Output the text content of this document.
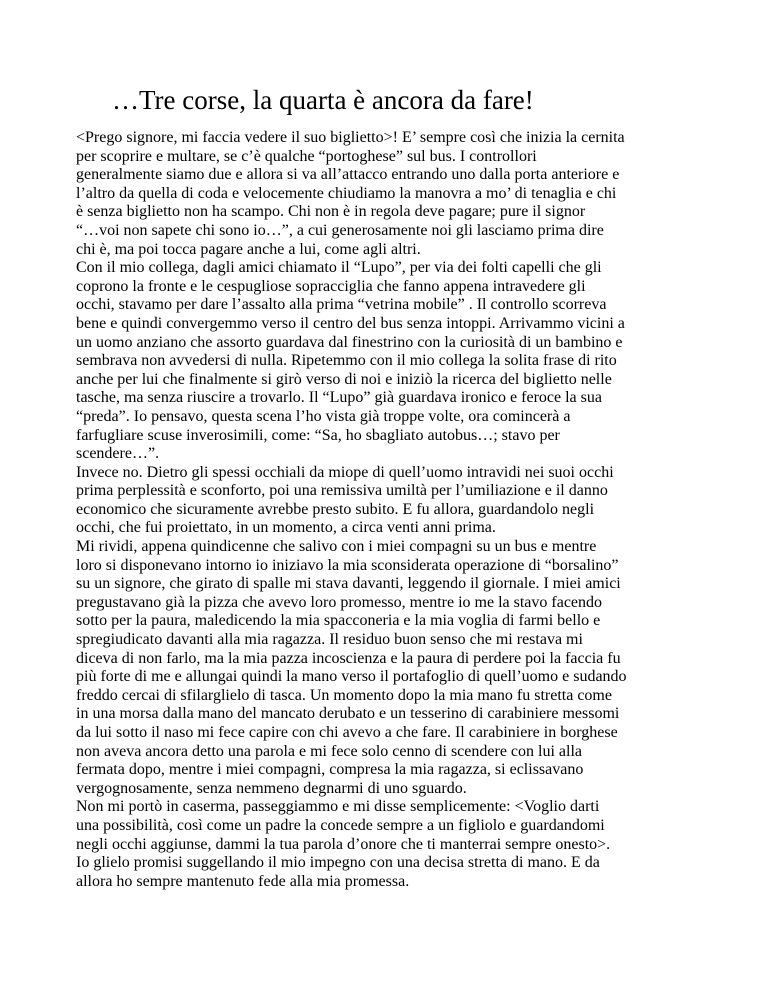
…Tre corse, la quarta è ancora da fare!
<Prego signore, mi faccia vedere il suo biglietto>! E’ sempre così che inizia la cernita
per scoprire e multare, se c’è qualche “portoghese” sul bus. I controllori
generalmente siamo due e allora si va all’attacco entrando uno dalla porta anteriore e
l’altro da quella di coda e velocemente chiudiamo la manovra a mo’ di tenaglia e chi
è senza biglietto non ha scampo. Chi non è in regola deve pagare; pure il signor
“…voi non sapete chi sono io…”, a cui generosamente noi gli lasciamo prima dire
chi è, ma poi tocca pagare anche a lui, come agli altri.
Con il mio collega, dagli amici chiamato il “Lupo”, per via dei folti capelli che gli
coprono la fronte e le cespugliose sopracciglia che fanno appena intravedere gli
occhi, stavamo per dare l’assalto alla prima “vetrina mobile” . Il controllo scorreva
bene e quindi convergemmo verso il centro del bus senza intoppi. Arrivammo vicini a
un uomo anziano che assorto guardava dal finestrino con la curiosità di un bambino e
sembrava non avvedersi di nulla. Ripetemmo con il mio collega la solita frase di rito
anche per lui che finalmente si girò verso di noi e iniziò la ricerca del biglietto nelle
tasche, ma senza riuscire a trovarlo. Il “Lupo” già guardava ironico e feroce la sua
“preda”. Io pensavo, questa scena l’ho vista già troppe volte, ora comincerà a
farfugliare scuse inverosimili, come: “Sa, ho sbagliato autobus…; stavo per
scendere…”.
Invece no. Dietro gli spessi occhiali da miope di quell’uomo intravidi nei suoi occhi
prima perplessità e sconforto, poi una remissiva umiltà per l’umiliazione e il danno
economico che sicuramente avrebbe presto subito. E fu allora, guardandolo negli
occhi, che fui proiettato, in un momento, a circa venti anni prima.
Mi rividi, appena quindicenne che salivo con i miei compagni su un bus e mentre
loro si disponevano intorno io iniziavo la mia sconsiderata operazione di “borsalino”
su un signore, che girato di spalle mi stava davanti, leggendo il giornale. I miei amici
pregustavano già la pizza che avevo loro promesso, mentre io me la stavo facendo
sotto per la paura, maledicendo la mia spacconeria e la mia voglia di farmi bello e
spregiudicato davanti alla mia ragazza. Il residuo buon senso che mi restava mi
diceva di non farlo, ma la mia pazza incoscienza e la paura di perdere poi la faccia fu
più forte di me e allungai quindi la mano verso il portafoglio di quell’uomo e sudando
freddo cercai di sfilarglielo di tasca. Un momento dopo la mia mano fu stretta come
in una morsa dalla mano del mancato derubato e un tesserino di carabiniere messomi
da lui sotto il naso mi fece capire con chi avevo a che fare. Il carabiniere in borghese
non aveva ancora detto una parola e mi fece solo cenno di scendere con lui alla
fermata dopo, mentre i miei compagni, compresa la mia ragazza, si eclissavano
vergognosamente, senza nemmeno degnarmi di uno sguardo.
Non mi portò in caserma, passeggiammo e mi disse semplicemente: <Voglio darti
una possibilità, così come un padre la concede sempre a un figliolo e guardandomi
negli occhi aggiunse, dammi la tua parola d’onore che ti manterrai sempre onesto>.
Io glielo promisi suggellando il mio impegno con una decisa stretta di mano. E da
allora ho sempre mantenuto fede alla mia promessa.
